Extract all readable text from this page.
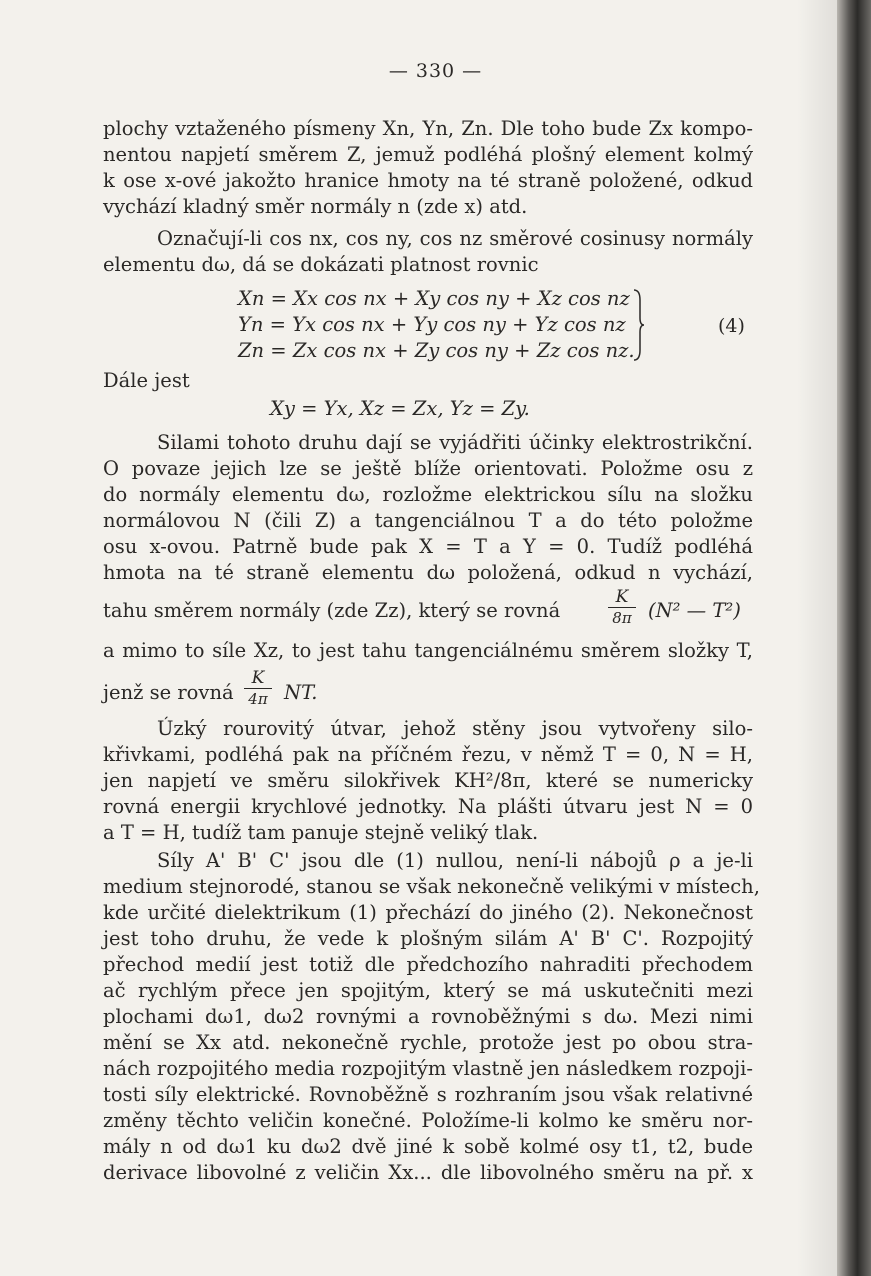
— 330 —
plochy vztaženého písmeny Xn, Yn, Zn. Dle toho bude Zx kompo-
nentou napjetí směrem Z, jemuž podléhá plošný element kolmý
k ose x-ové jakožto hranice hmoty na té straně položené, odkud
vychází kladný směr normály n (zde x) atd.
Označují-li cos nx, cos ny, cos nz směrové cosinusy normály
elementu dω, dá se dokázati platnost rovnic
Xn = Xx cos nx + Xy cos ny + Xz cos nz
Yn = Yx cos nx + Yy cos ny + Yz cos nz
Zn = Zx cos nx + Zy cos ny + Zz cos nz.
(4)
Dále jest
Xy = Yx, Xz = Zx, Yz = Zy.
Silami tohoto druhu dají se vyjádřiti účinky elektrostrikční.
O povaze jejich lze se ještě blíže orientovati. Položme osu z
do normály elementu dω, rozložme elektrickou sílu na složku
normálovou N (čili Z) a tangenciálnou T a do této položme
osu x-ovou. Patrně bude pak X = T a Y = 0. Tudíž podléhá
hmota na té straně elementu dω položená, odkud n vychází,
tahu směrem normály (zde Zz), který se rovná	$\frac{K}{8\pi} (N^2$ — T²)
a mimo to síle Xz, to jest tahu tangenciálnému směrem složky T,
jenž se rovná $\frac{K}{4\pi}$ NT.
Úzký rourovitý útvar, jehož stěny jsou vytvořeny silo-
křivkami, podléhá pak na příčném řezu, v němž T = 0, N = H,
jen napjetí ve směru silokřivek KH²/8π, které se numericky
rovná energii krychlové jednotky. Na plášti útvaru jest N = 0
a T = H, tudíž tam panuje stejně veliký tlak.
Síly A' B' C' jsou dle (1) nullou, není-li nábojů ρ a je-li
medium stejnorodé, stanou se však nekonečně velikými v místech,
kde určité dielektrikum (1) přechází do jiného (2). Nekonečnost
jest toho druhu, že vede k plošným silám A' B' C'. Rozpojitý
přechod medií jest totiž dle předchozího nahraditi přechodem
ač rychlým přece jen spojitým, který se má uskutečniti mezi
plochami dω1, dω2 rovnými a rovnoběžnými s dω. Mezi nimi
mění se Xx atd. nekonečně rychle, protože jest po obou stra-
nách rozpojitého media rozpojitým vlastně jen následkem rozpoji-
tosti síly elektrické. Rovnoběžně s rozhraním jsou však relativné
změny těchto veličin konečné. Položíme-li kolmo ke směru nor-
mály n od dω1 ku dω2 dvě jiné k sobě kolmé osy t1, t2, bude
derivace libovolné z veličin Xx... dle libovolného směru na př. x
